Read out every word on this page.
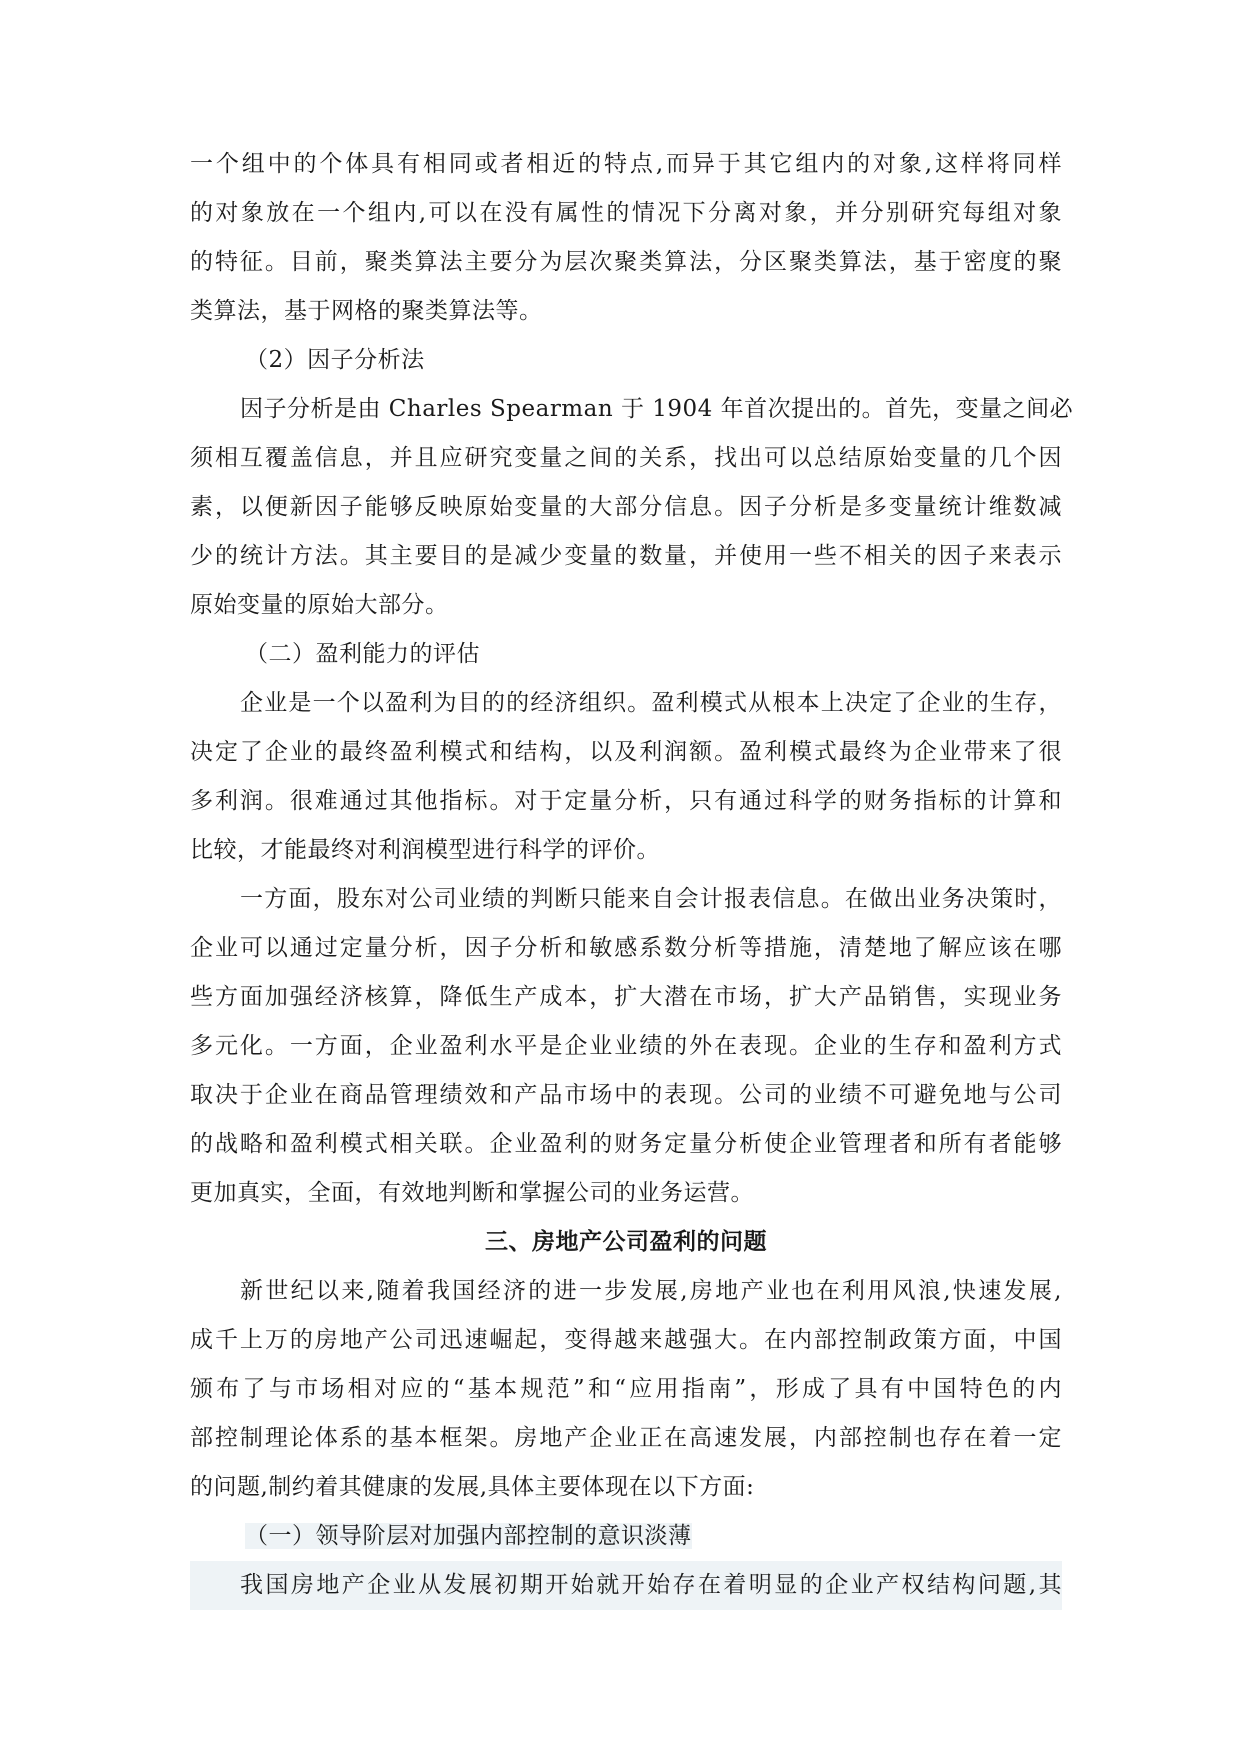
一个组中的个体具有相同或者相近的特点,而异于其它组内的对象,这样将同样
的对象放在一个组内,可以在没有属性的情况下分离对象，并分别研究每组对象
的特征。目前，聚类算法主要分为层次聚类算法，分区聚类算法，基于密度的聚
类算法，基于网格的聚类算法等。
（2）因子分析法
因子分析是由 Charles Spearman 于 1904 年首次提出的。首先，变量之间必
须相互覆盖信息，并且应研究变量之间的关系，找出可以总结原始变量的几个因
素，以便新因子能够反映原始变量的大部分信息。因子分析是多变量统计维数减
少的统计方法。其主要目的是减少变量的数量，并使用一些不相关的因子来表示
原始变量的原始大部分。
（二）盈利能力的评估
企业是一个以盈利为目的的经济组织。盈利模式从根本上决定了企业的生存，
决定了企业的最终盈利模式和结构，以及利润额。盈利模式最终为企业带来了很
多利润。很难通过其他指标。对于定量分析，只有通过科学的财务指标的计算和
比较，才能最终对利润模型进行科学的评价。
一方面，股东对公司业绩的判断只能来自会计报表信息。在做出业务决策时，
企业可以通过定量分析，因子分析和敏感系数分析等措施，清楚地了解应该在哪
些方面加强经济核算，降低生产成本，扩大潜在市场，扩大产品销售，实现业务
多元化。一方面，企业盈利水平是企业业绩的外在表现。企业的生存和盈利方式
取决于企业在商品管理绩效和产品市场中的表现。公司的业绩不可避免地与公司
的战略和盈利模式相关联。企业盈利的财务定量分析使企业管理者和所有者能够
更加真实，全面，有效地判断和掌握公司的业务运营。
三、房地产公司盈利的问题
新世纪以来,随着我国经济的进一步发展,房地产业也在利用风浪,快速发展,
成千上万的房地产公司迅速崛起，变得越来越强大。在内部控制政策方面，中国
颁布了与市场相对应的“基本规范”和“应用指南”，形成了具有中国特色的内
部控制理论体系的基本框架。房地产企业正在高速发展，内部控制也存在着一定
的问题,制约着其健康的发展,具体主要体现在以下方面:
（一）领导阶层对加强内部控制的意识淡薄
我国房地产企业从发展初期开始就开始存在着明显的企业产权结构问题,其
